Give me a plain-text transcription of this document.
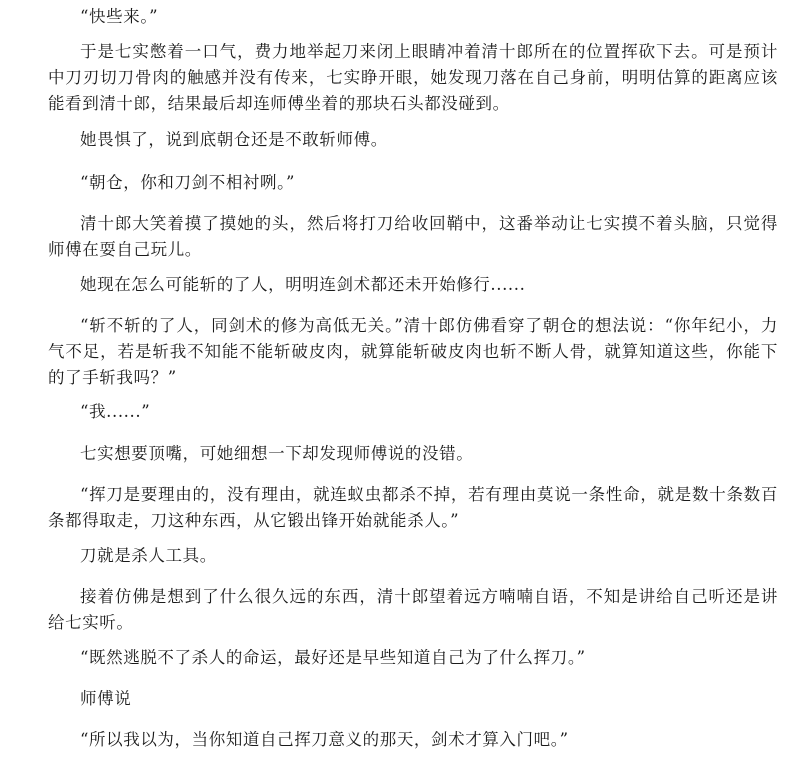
“快些来。”

于是七实憋着一口气，费力地举起刀来闭上眼睛冲着清十郎所在的位置挥砍下去。可是预计中刀刃切刀骨肉的触感并没有传来，七实睁开眼，她发现刀落在自己身前，明明估算的距离应该能看到清十郎，结果最后却连师傅坐着的那块石头都没碰到。

她畏惧了，说到底朝仓还是不敢斩师傅。

“朝仓，你和刀剑不相衬咧。”

清十郎大笑着摸了摸她的头，然后将打刀给收回鞘中，这番举动让七实摸不着头脑，只觉得师傅在耍自己玩儿。

她现在怎么可能斩的了人，明明连剑术都还未开始修行......

“斩不斩的了人，同剑术的修为高低无关。”清十郎仿佛看穿了朝仓的想法说：“你年纪小，力气不足，若是斩我不知能不能斩破皮肉，就算能斩破皮肉也斩不断人骨，就算知道这些，你能下的了手斩我吗？”

“我......”

七实想要顶嘴，可她细想一下却发现师傅说的没错。

“挥刀是要理由的，没有理由，就连蚁虫都杀不掉，若有理由莫说一条性命，就是数十条数百条都得取走，刀这种东西，从它锻出锋开始就能杀人。”

刀就是杀人工具。

接着仿佛是想到了什么很久远的东西，清十郎望着远方喃喃自语，不知是讲给自己听还是讲给七实听。

“既然逃脱不了杀人的命运，最好还是早些知道自己为了什么挥刀。”

师傅说

“所以我以为，当你知道自己挥刀意义的那天，剑术才算入门吧。”
